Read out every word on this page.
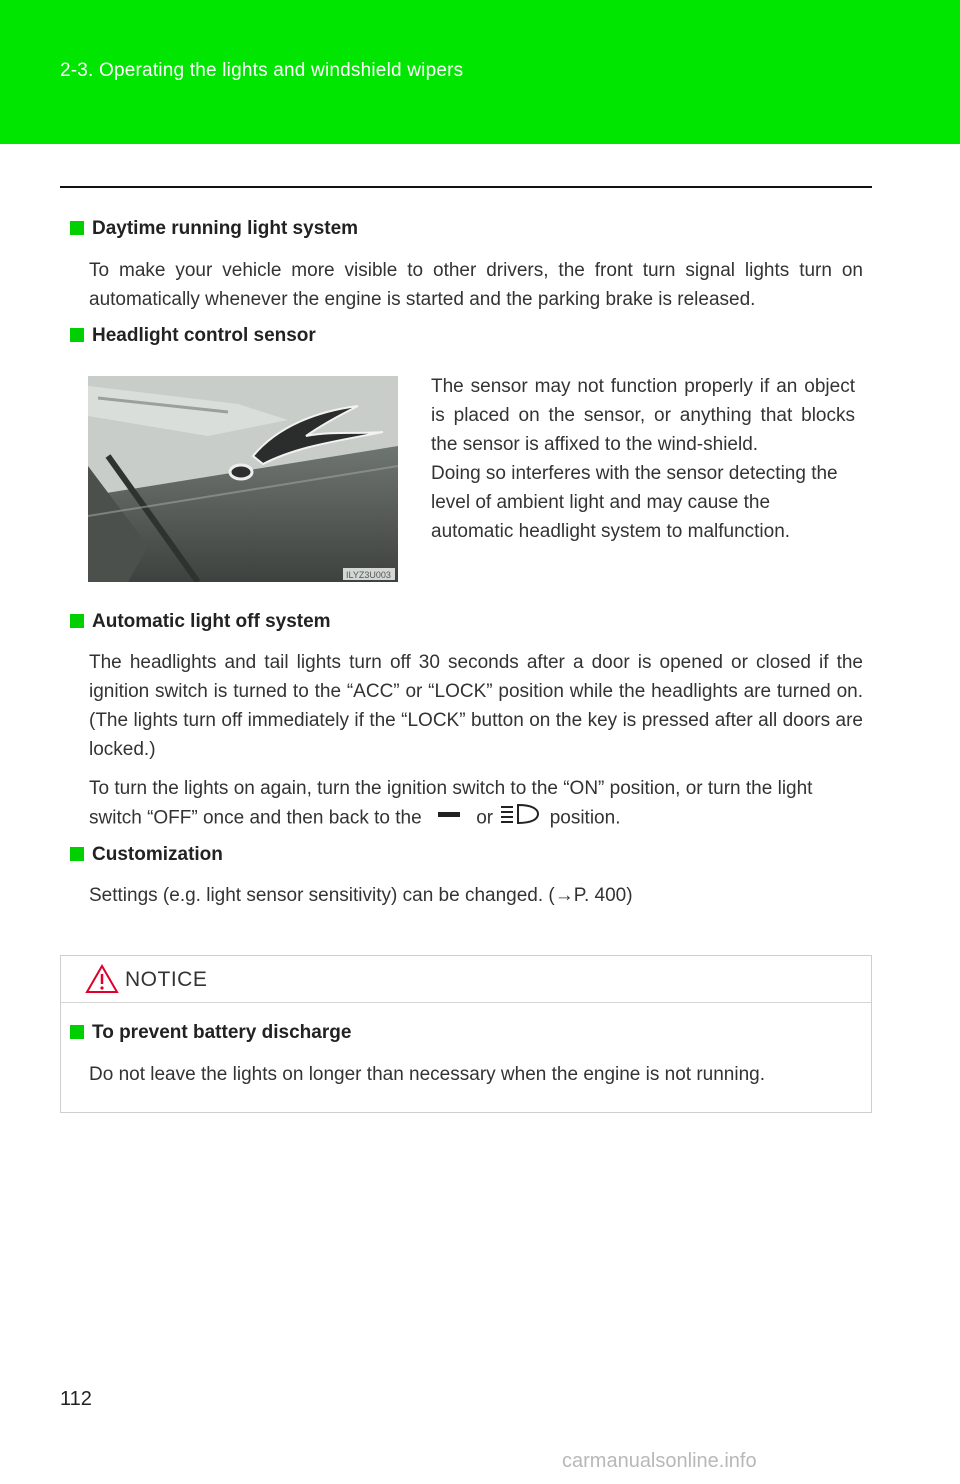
2-3. Operating the lights and windshield wipers
Daytime running light system
To make your vehicle more visible to other drivers, the front turn signal lights turn on automatically whenever the engine is started and the parking brake is released.
Headlight control sensor
ILYZ3U003
The sensor may not function properly if an object is placed on the sensor, or anything that blocks the sensor is affixed to the wind-shield.
Doing so interferes with the sensor detecting the level of ambient light and may cause the automatic headlight system to malfunction.
Automatic light off system
The headlights and tail lights turn off 30 seconds after a door is opened or closed if the ignition switch is turned to the “ACC” or “LOCK” position while the headlights are turned on. (The lights turn off immediately if the “LOCK” button on the key is pressed after all doors are locked.)
To turn the lights on again, turn the ignition switch to the “ON” position, or turn the light switch “OFF” once and then back to the	or	position.
Customization
Settings (e.g. light sensor sensitivity) can be changed. (→P. 400)
NOTICE
To prevent battery discharge
Do not leave the lights on longer than necessary when the engine is not running.
112
carmanualsonline.info
